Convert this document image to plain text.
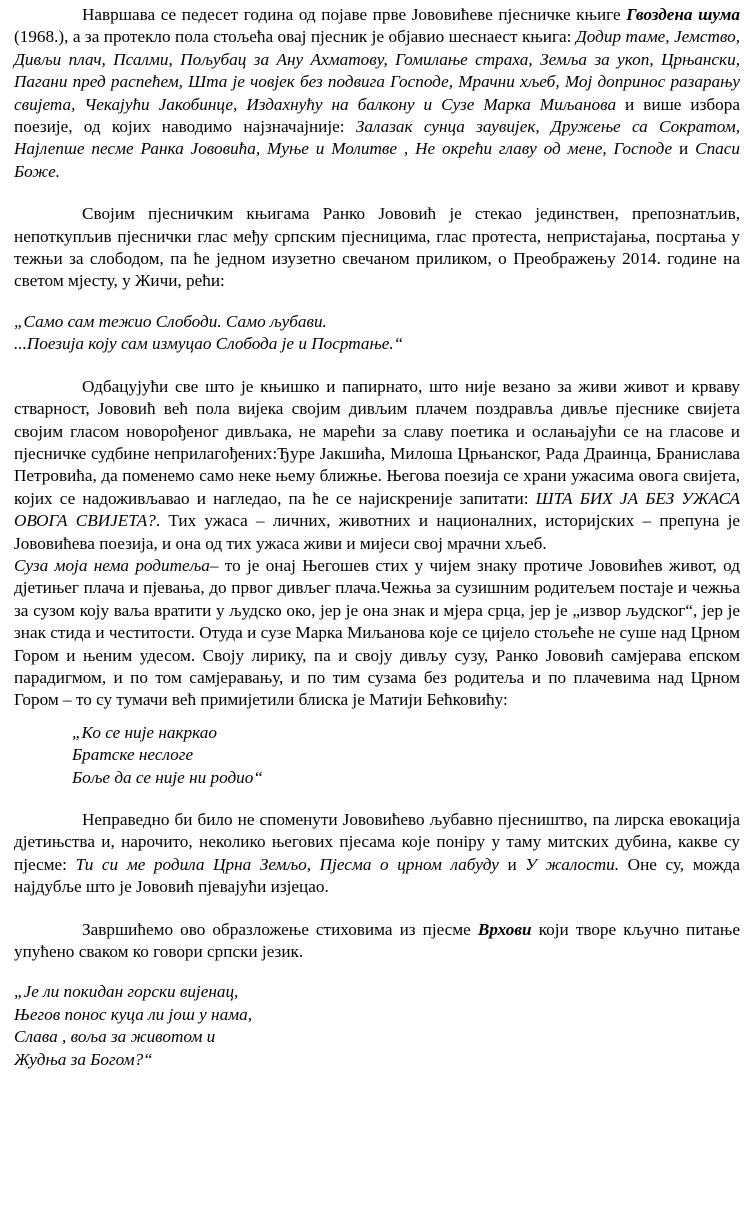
Навршава се педесет година од појаве прве Јововићеве пјесничке књиге Гвоздена шума (1968.), а за протекло пола стољећа овај пјесник је објавио шеснаест књига: Додир таме, Јемство, Дивљи плач, Псалми, Пољубац за Ану Ахматову, Гомилање страха, Земља за укоп, Црњански, Пагани пред распећем, Шта је човјек без подвига Господе, Мрачни хљеб, Мој допринос разарању свијета, Чекајући Јакобинце, Издахнућу на балкону и Сузе Марка Миљанова и више избора поезије, од којих наводимо најзначајније: Залазак сунца заувијек, Дружење са Сократом, Најлепше песме Ранка Јововића, Муње и Молитве , Не окрећи главу од мене, Господе и Спаси Боже.

Својим пјесничким књигама Ранко Јововић је стекао јединствен, препознатљив, непоткупљив пјеснички глас међу српским пјесницима, глас протеста, непристајања, посртања у тежњи за слободом, па ће једном изузетно свечаном приликом, о Преображењу 2014. године на светом мјесту, у Жичи, рећи:

„Само сам тежио Слободи. Само љубави.
...Поезија коју сам измуцао Слобода је и Посртање.“

Одбацујући све што је књишко и папирнато, што није везано за живи живот и крваву стварност, Јововић већ пола вијека својим дивљим плачем поздравља дивље пјеснике свијета својим гласом новорођеног дивљака, не марећи за славу поетика и ослањајући се на гласове и пјесничке судбине неприлагођених:Ђуре Јакшића, Милоша Црњанског, Рада Драинца, Бранислава Петровића, да поменемо само неке њему ближње. Његова поезија се храни ужасима овога свијета, којих се надоживљавао и нагледао, па ће се најискреније запитати: ШТА БИХ ЈА БЕЗ УЖАСА ОВОГА СВИЈЕТА?. Тих ужаса – личних, животних и националних, историјских – препуна је Јововићева поезија, и она од тих ужаса живи и мијеси свој мрачни хљеб.

Суза моја нема родитеља– то је онај Његошев стих у чијем знаку протиче Јововићев живот, од дјетињег плача и пјевања, до првог дивљег плача.Чежња за сузишним родитељем постаје и чежња за сузом коју ваља вратити у људско око, јер је она знак и мјера срца, јер је „извор људског“, јер је знак стида и честитости. Отуда и сузе Марка Миљанова које се цијело стољеће не суше над Црном Гором и њеним удесом. Своју лирику, па и своју дивљу сузу, Ранко Јововић самјерава епском парадигмом, и по том самјеравању, и по тим сузама без родитеља и по плачевима над Црном Гором – то су тумачи већ примијетили блиска је Матији Бећковићу:

„Ко се није накркао
Братске неслоге
Боље да се није ни родио“

Неправедно би било не споменути Јововићево љубавно пјесништво, па лирска евокација дјетињства и, нарочито, неколико његових пјесама које понiру у таму митских дубина, какве су пјесме: Ти си ме родила Црна Земљо, Пјесма о црном лабуду и У жалости. Оне су, можда најдубље што је Јововић пјевајући изјецао.

Завршићемо ово образложење стиховима из пјесме Врхови који творе кључно питање упућено сваком ко говори српски језик.

„Је ли покидан горски вијенац,
Његов понос куца ли још у нама,
Слава , воља за животом и
Жудња за Богом?“
